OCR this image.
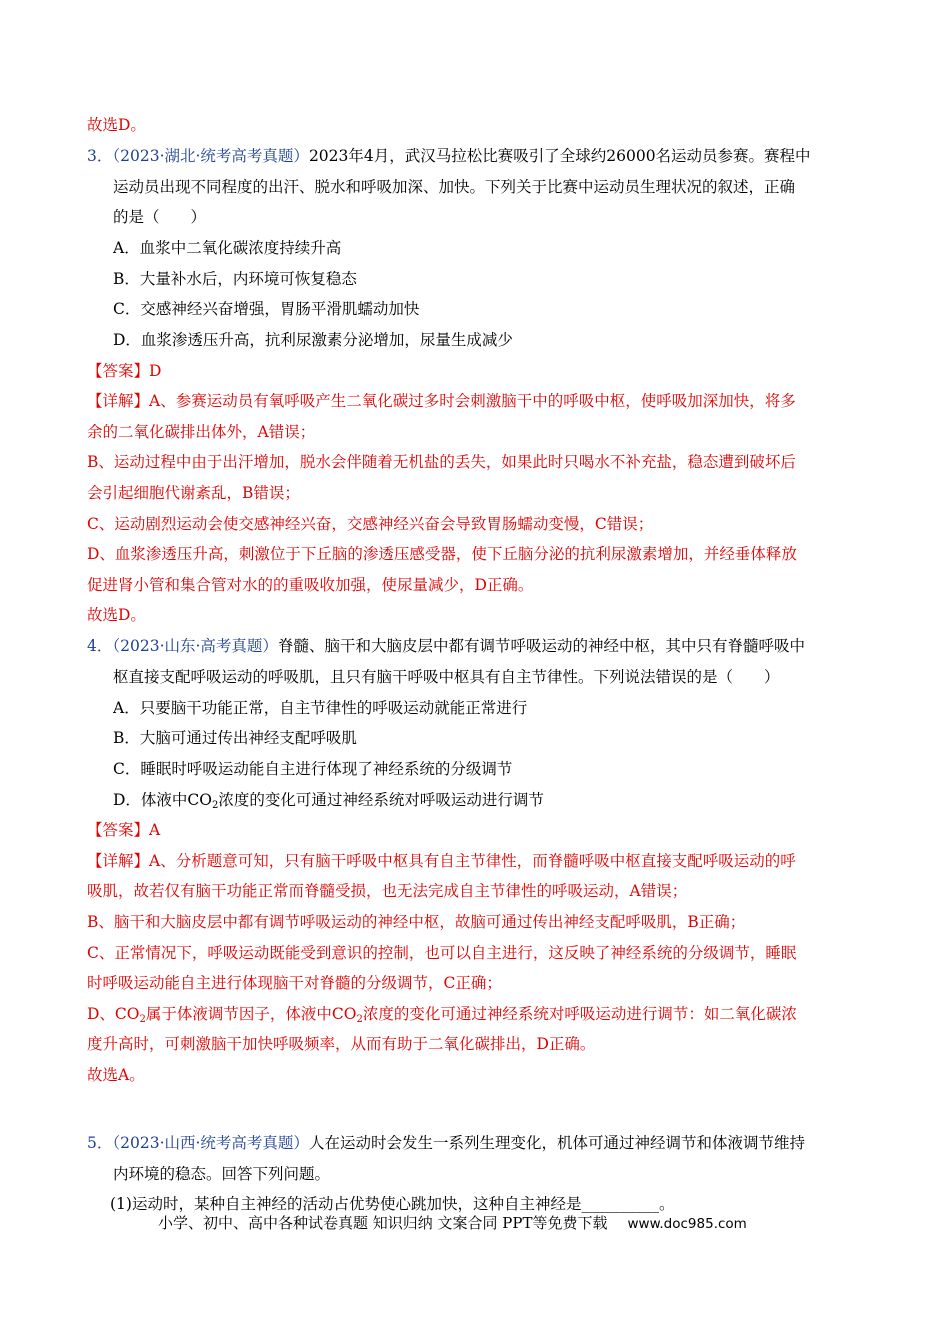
故选D。
3．（2023·湖北·统考高考真题）2023年4月，武汉马拉松比赛吸引了全球约26000名运动员参赛。赛程中
运动员出现不同程度的出汗、脱水和呼吸加深、加快。下列关于比赛中运动员生理状况的叙述，正确
的是（　　）
A．血浆中二氧化碳浓度持续升高
B．大量补水后，内环境可恢复稳态
C．交感神经兴奋增强，胃肠平滑肌蠕动加快
D．血浆渗透压升高，抗利尿激素分泌增加，尿量生成减少
【答案】D
【详解】A、参赛运动员有氧呼吸产生二氧化碳过多时会刺激脑干中的呼吸中枢，使呼吸加深加快，将多
余的二氧化碳排出体外，A错误；
B、运动过程中由于出汗增加，脱水会伴随着无机盐的丢失，如果此时只喝水不补充盐，稳态遭到破坏后
会引起细胞代谢紊乱，B错误；
C、运动剧烈运动会使交感神经兴奋，交感神经兴奋会导致胃肠蠕动变慢，C错误；
D、血浆渗透压升高，刺激位于下丘脑的渗透压感受器，使下丘脑分泌的抗利尿激素增加，并经垂体释放
促进肾小管和集合管对水的的重吸收加强，使尿量减少，D正确。
故选D。
4．（2023·山东·高考真题）脊髓、脑干和大脑皮层中都有调节呼吸运动的神经中枢，其中只有脊髓呼吸中
枢直接支配呼吸运动的呼吸肌，且只有脑干呼吸中枢具有自主节律性。下列说法错误的是（　　）
A．只要脑干功能正常，自主节律性的呼吸运动就能正常进行
B．大脑可通过传出神经支配呼吸肌
C．睡眠时呼吸运动能自主进行体现了神经系统的分级调节
D．体液中$CO_2$浓度的变化可通过神经系统对呼吸运动进行调节
【答案】A
【详解】A、分析题意可知，只有脑干呼吸中枢具有自主节律性，而脊髓呼吸中枢直接支配呼吸运动的呼
吸肌，故若仅有脑干功能正常而脊髓受损，也无法完成自主节律性的呼吸运动，A错误；
B、脑干和大脑皮层中都有调节呼吸运动的神经中枢，故脑可通过传出神经支配呼吸肌，B正确；
C、正常情况下，呼吸运动既能受到意识的控制，也可以自主进行，这反映了神经系统的分级调节，睡眠
时呼吸运动能自主进行体现脑干对脊髓的分级调节，C正确；
D、$CO_2$属于体液调节因子，体液中$CO_2$浓度的变化可通过神经系统对呼吸运动进行调节：如二氧化碳浓
度升高时，可刺激脑干加快呼吸频率，从而有助于二氧化碳排出，D正确。
故选A。
5．（2023·山西·统考高考真题）人在运动时会发生一系列生理变化，机体可通过神经调节和体液调节维持
内环境的稳态。回答下列问题。
(1)运动时，某种自主神经的活动占优势使心跳加快，这种自主神经是__________。
小学、初中、高中各种试卷真题 知识归纳 文案合同 PPT等免费下载 www.doc985.com
